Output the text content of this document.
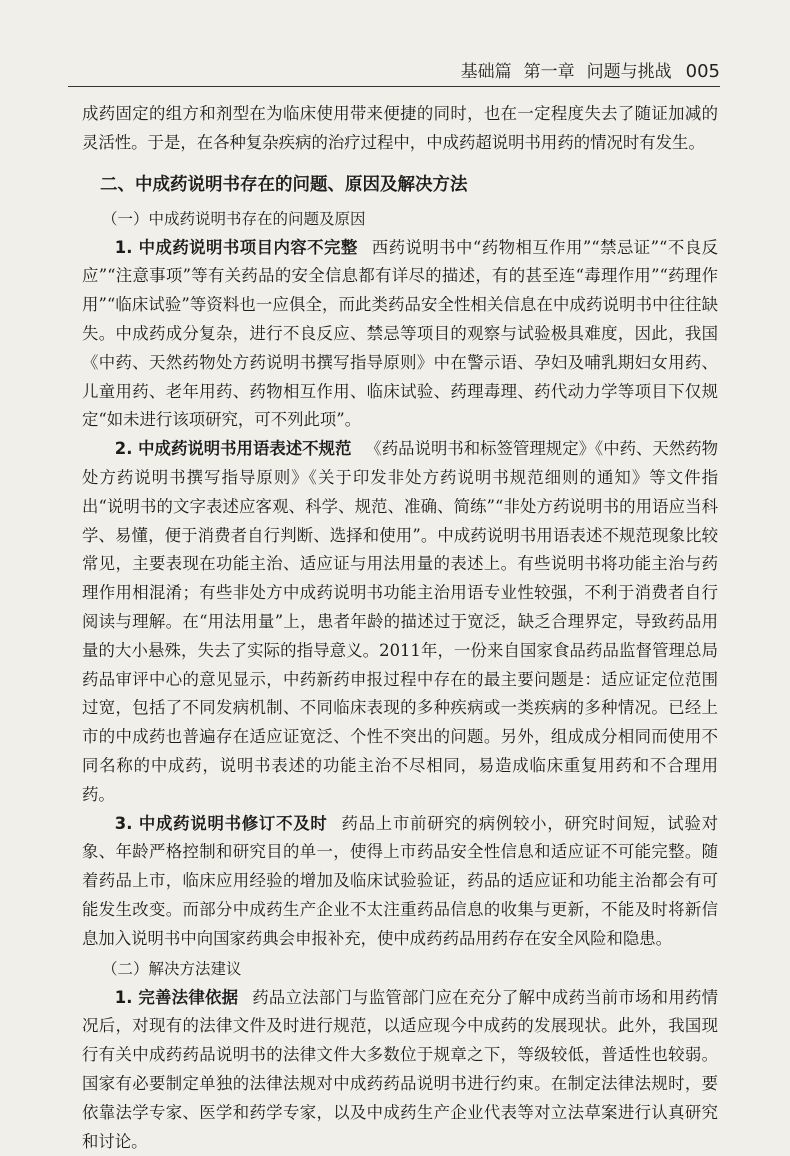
基础篇 第一章 问题与挑战 005

成药固定的组方和剂型在为临床使用带来便捷的同时，也在一定程度失去了随证加减的灵活性。于是，在各种复杂疾病的治疗过程中，中成药超说明书用药的情况时有发生。

二、中成药说明书存在的问题、原因及解决方法
（一）中成药说明书存在的问题及原因

1. 中成药说明书项目内容不完整 西药说明书中“药物相互作用”“禁忌证”“不良反应”“注意事项”等有关药品的安全信息都有详尽的描述，有的甚至连“毒理作用”“药理作用”“临床试验”等资料也一应俱全，而此类药品安全性相关信息在中成药说明书中往往缺失。中成药成分复杂，进行不良反应、禁忌等项目的观察与试验极具难度，因此，我国《中药、天然药物处方药说明书撰写指导原则》中在警示语、孕妇及哺乳期妇女用药、儿童用药、老年用药、药物相互作用、临床试验、药理毒理、药代动力学等项目下仅规定“如未进行该项研究，可不列此项”。

2. 中成药说明书用语表述不规范 《药品说明书和标签管理规定》《中药、天然药物处方药说明书撰写指导原则》《关于印发非处方药说明书规范细则的通知》等文件指出“说明书的文字表述应客观、科学、规范、准确、简练”“非处方药说明书的用语应当科学、易懂，便于消费者自行判断、选择和使用”。中成药说明书用语表述不规范现象比较常见，主要表现在功能主治、适应证与用法用量的表述上。有些说明书将功能主治与药理作用相混淆；有些非处方中成药说明书功能主治用语专业性较强，不利于消费者自行阅读与理解。在“用法用量”上，患者年龄的描述过于宽泛，缺乏合理界定，导致药品用量的大小悬殊，失去了实际的指导意义。2011年，一份来自国家食品药品监督管理总局药品审评中心的意见显示，中药新药申报过程中存在的最主要问题是：适应证定位范围过宽，包括了不同发病机制、不同临床表现的多种疾病或一类疾病的多种情况。已经上市的中成药也普遍存在适应证宽泛、个性不突出的问题。另外，组成成分相同而使用不同名称的中成药，说明书表述的功能主治不尽相同，易造成临床重复用药和不合理用药。

3. 中成药说明书修订不及时 药品上市前研究的病例较小，研究时间短，试验对象、年龄严格控制和研究目的单一，使得上市药品安全性信息和适应证不可能完整。随着药品上市，临床应用经验的增加及临床试验验证，药品的适应证和功能主治都会有可能发生改变。而部分中成药生产企业不太注重药品信息的收集与更新，不能及时将新信息加入说明书中向国家药典会申报补充，使中成药药品用药存在安全风险和隐患。

（二）解决方法建议

1. 完善法律依据 药品立法部门与监管部门应在充分了解中成药当前市场和用药情况后，对现有的法律文件及时进行规范，以适应现今中成药的发展现状。此外，我国现行有关中成药药品说明书的法律文件大多数位于规章之下，等级较低，普适性也较弱。国家有必要制定单独的法律法规对中成药药品说明书进行约束。在制定法律法规时，要依靠法学专家、医学和药学专家，以及中成药生产企业代表等对立法草案进行认真研究和讨论。
